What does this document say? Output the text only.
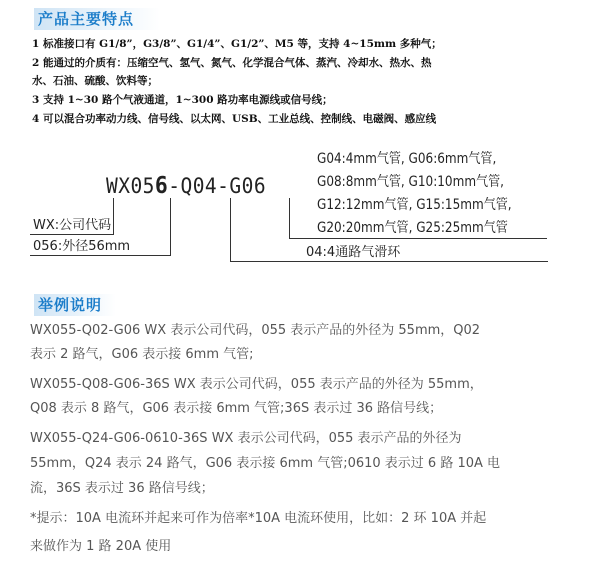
产品主要特点
1 标准接口有 G1/8”，G3/8”、G1/4”、G1/2”、M5 等，支持 4~15mm 多种气；
2 能通过的介质有：压缩空气、氢气、氮气、化学混合气体、蒸汽、冷却水、热水、热
水、石油、硫酸、饮料等；
3 支持 1~30 路个气液通道，1~300 路功率电源线或信号线；
4 可以混合功率动力线、信号线、以太网、USB、工业总线、控制线、电磁阀、感应线
WX056-Q04-G06
G04:4mm气管, G06:6mm气管,
G08:8mm气管, G10:10mm气管,
G12:12mm气管, G15:15mm气管,
G20:20mm气管, G25:25mm气管
WX:公司代码
056:外径56mm	04:4通路气滑环
举例说明
WX055-Q02-G06 WX 表示公司代码，055 表示产品的外径为 55mm，Q02
表示 2 路气，G06 表示接 6mm 气管;
WX055-Q08-G06-36S WX 表示公司代码，055 表示产品的外径为 55mm，
Q08 表示 8 路气，G06 表示接 6mm 气管;36S 表示过 36 路信号线；
WX055-Q24-G06-0610-36S WX 表示公司代码，055 表示产品的外径为
55mm，Q24 表示 24 路气，G06 表示接 6mm 气管;0610 表示过 6 路 10A 电
流，36S 表示过 36 路信号线；
*提示：10A 电流环并起来可作为倍率*10A 电流环使用，比如：2 环 10A 并起
来做作为 1 路 20A 使用
